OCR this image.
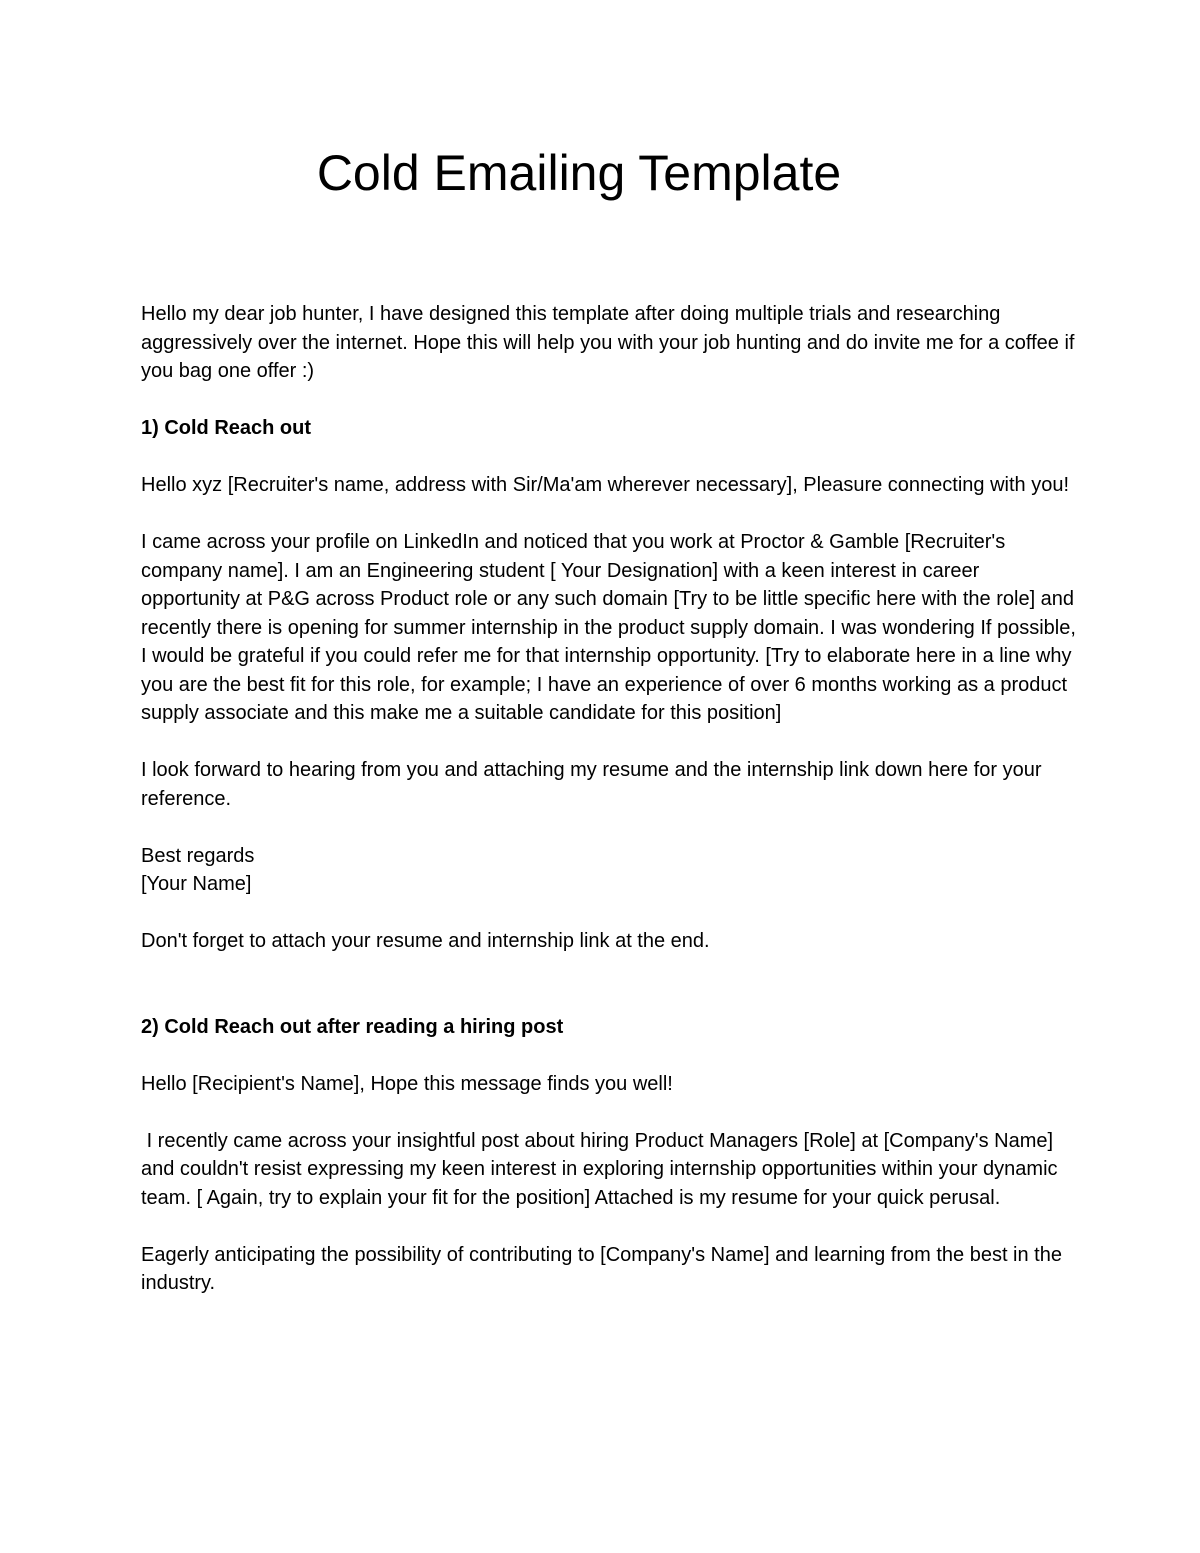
Cold Emailing Template

Hello my dear job hunter, I have designed this template after doing multiple trials and researching aggressively over the internet. Hope this will help you with your job hunting and do invite me for a coffee if you bag one offer :)

1) Cold Reach out

Hello xyz [Recruiter's name, address with Sir/Ma'am wherever necessary], Pleasure connecting with you!

I came across your profile on LinkedIn and noticed that you work at Proctor & Gamble [Recruiter's company name]. I am an Engineering student [ Your Designation] with a keen interest in career opportunity at P&G across Product role or any such domain [Try to be little specific here with the role] and recently there is opening for summer internship in the product supply domain. I was wondering If possible, I would be grateful if you could refer me for that internship opportunity. [Try to elaborate here in a line why you are the best fit for this role, for example; I have an experience of over 6 months working as a product supply associate and this make me a suitable candidate for this position]

I look forward to hearing from you and attaching my resume and the internship link down here for your reference.

Best regards
[Your Name]

Don't forget to attach your resume and internship link at the end.

2) Cold Reach out after reading a hiring post

Hello [Recipient's Name], Hope this message finds you well!

I recently came across your insightful post about hiring Product Managers [Role] at [Company's Name] and couldn't resist expressing my keen interest in exploring internship opportunities within your dynamic team. [ Again, try to explain your fit for the position] Attached is my resume for your quick perusal.

Eagerly anticipating the possibility of contributing to [Company's Name] and learning from the best in the industry.
